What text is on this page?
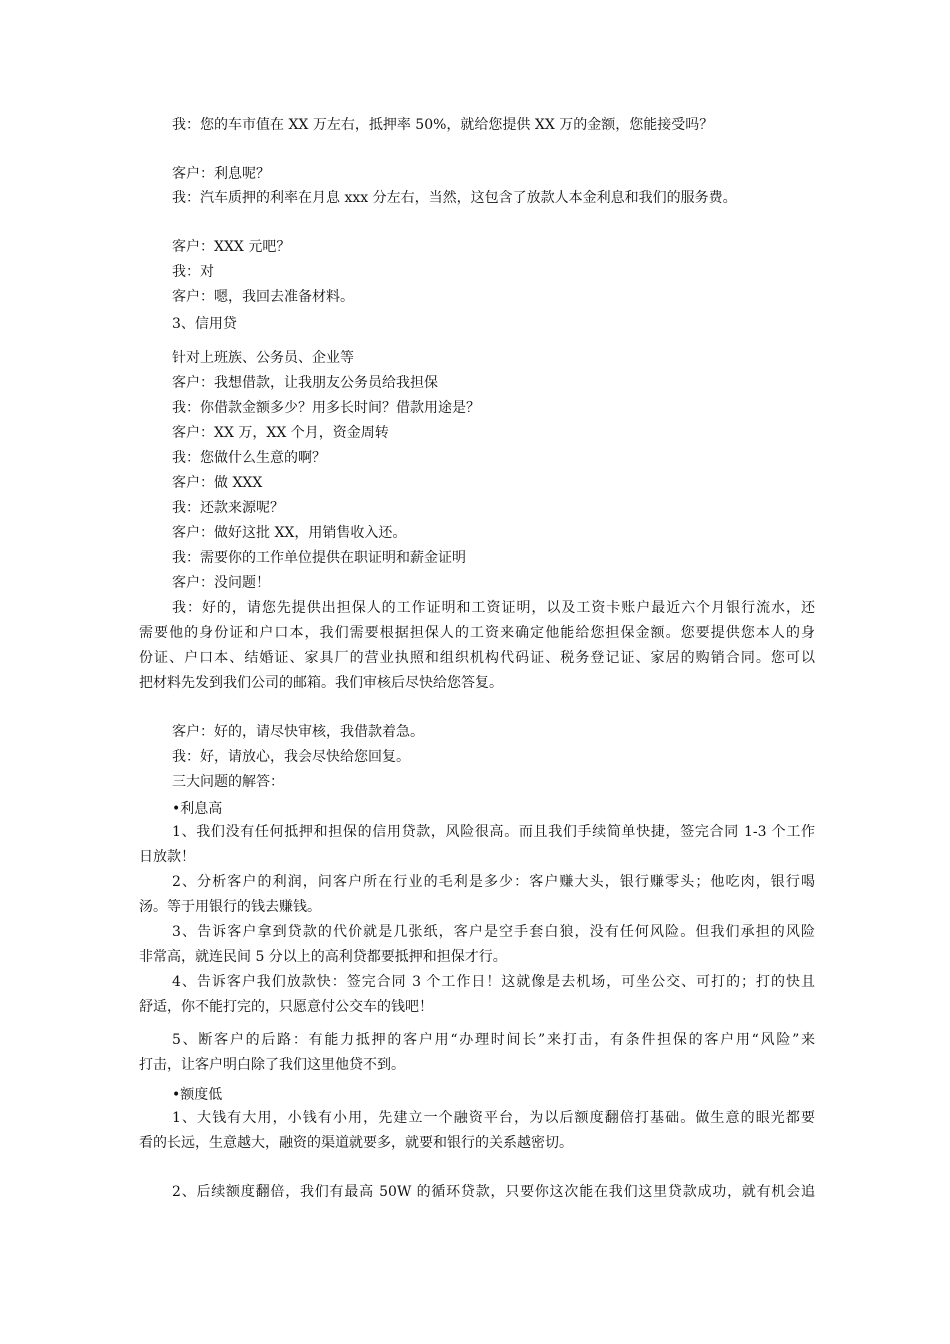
我：您的车市值在 XX 万左右，抵押率 50%，就给您提供 XX 万的金额，您能接受吗？
客户：利息呢？
我：汽车质押的利率在月息 xxx 分左右，当然，这包含了放款人本金利息和我们的服务费。
客户：XXX 元吧？
我：对
客户：嗯，我回去准备材料。
3、信用贷
针对上班族、公务员、企业等
客户：我想借款，让我朋友公务员给我担保
我：你借款金额多少？用多长时间？借款用途是？
客户：XX 万，XX 个月，资金周转
我：您做什么生意的啊？
客户：做 XXX
我：还款来源呢？
客户：做好这批 XX，用销售收入还。
我：需要你的工作单位提供在职证明和薪金证明
客户：没问题！
我：好的，请您先提供出担保人的工作证明和工资证明，以及工资卡账户最近六个月银行流水，还
需要他的身份证和户口本，我们需要根据担保人的工资来确定他能给您担保金额。您要提供您本人的身
份证、户口本、结婚证、家具厂的营业执照和组织机构代码证、税务登记证、家居的购销合同。您可以
把材料先发到我们公司的邮箱。我们审核后尽快给您答复。
客户：好的，请尽快审核，我借款着急。
我：好，请放心，我会尽快给您回复。
三大问题的解答：
•利息高
1、我们没有任何抵押和担保的信用贷款，风险很高。而且我们手续简单快捷，签完合同 1-3 个工作
日放款！
2、分析客户的利润，问客户所在行业的毛利是多少：客户赚大头，银行赚零头；他吃肉，银行喝
汤。等于用银行的钱去赚钱。
3、告诉客户拿到贷款的代价就是几张纸，客户是空手套白狼，没有任何风险。但我们承担的风险
非常高，就连民间 5 分以上的高利贷都要抵押和担保才行。
4、告诉客户我们放款快：签完合同 3 个工作日！这就像是去机场，可坐公交、可打的；打的快且
舒适，你不能打完的，只愿意付公交车的钱吧！
5、断客户的后路：有能力抵押的客户用“办理时间长”来打击，有条件担保的客户用“风险”来
打击，让客户明白除了我们这里他贷不到。
•额度低
1、大钱有大用，小钱有小用，先建立一个融资平台，为以后额度翻倍打基础。做生意的眼光都要
看的长远，生意越大，融资的渠道就要多，就要和银行的关系越密切。
2、后续额度翻倍，我们有最高 50W 的循环贷款，只要你这次能在我们这里贷款成功，就有机会追
